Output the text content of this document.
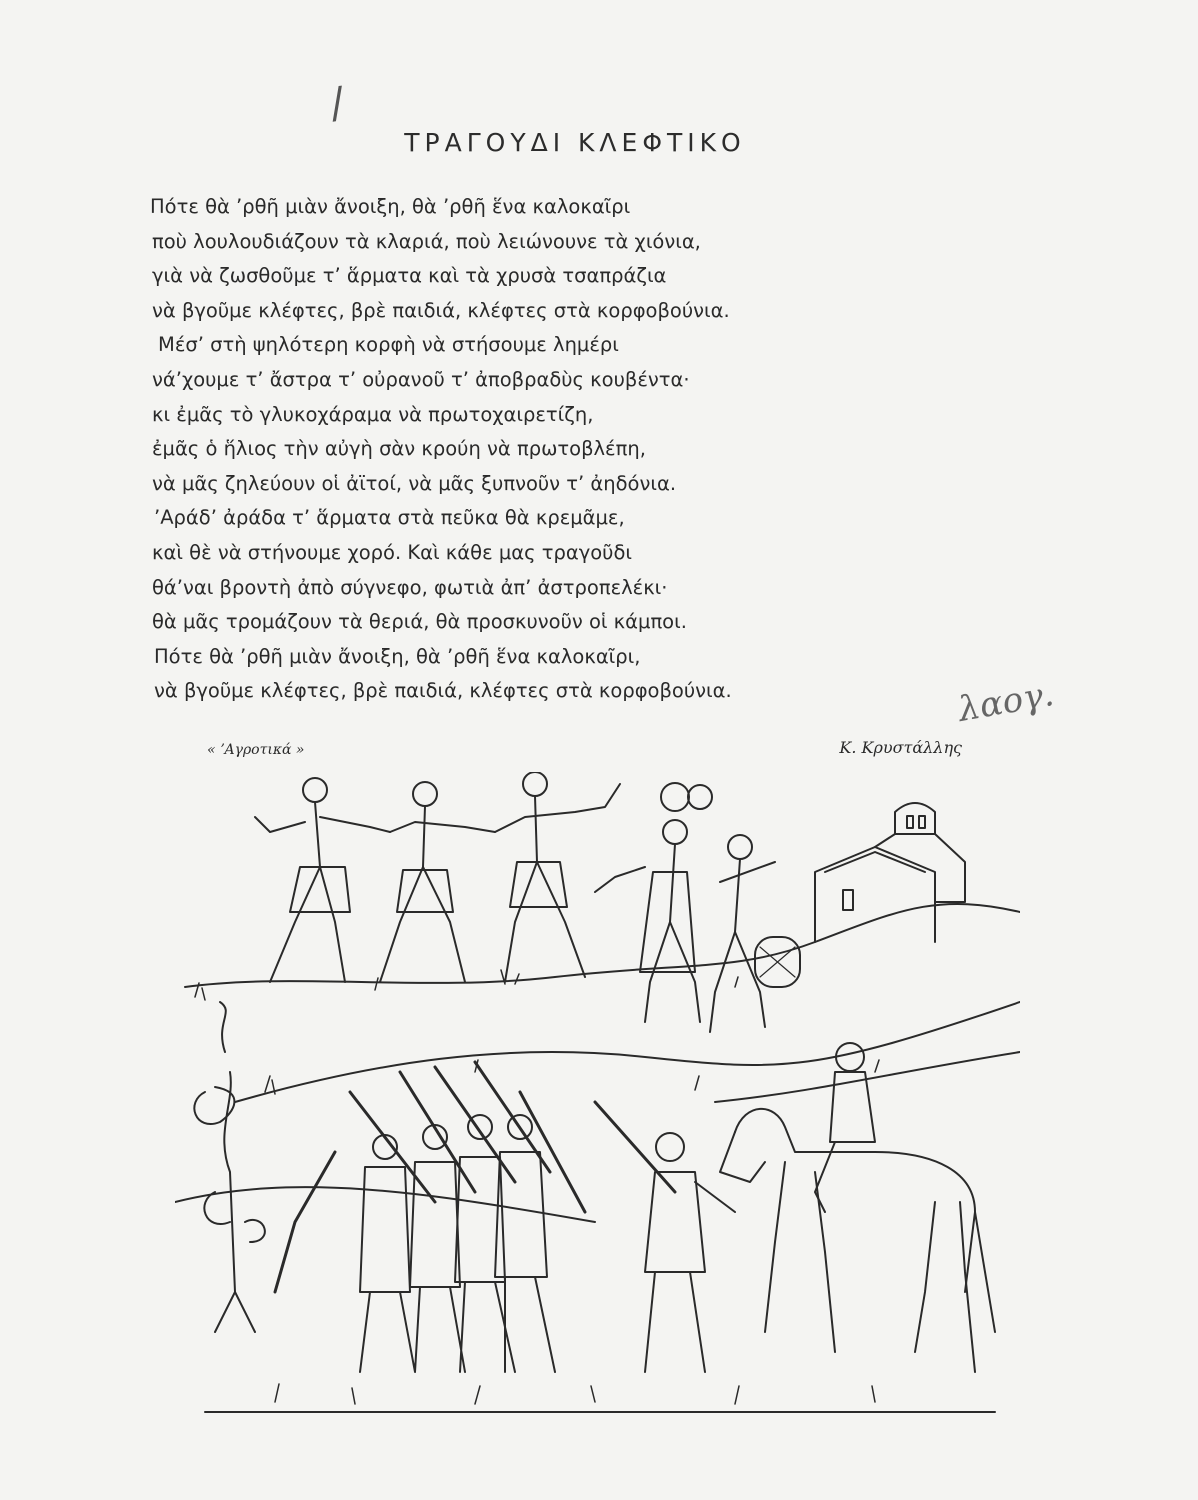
/
ΤΡΑΓΟΥΔΙ ΚΛΕΦΤΙΚΟ
Πότε θὰ ʼρθῆ μιὰν ἄνοιξη, θὰ ʼρθῆ ἕνα καλοκαῖρι
ποὺ λουλουδιάζουν τὰ κλαριά, ποὺ λειώνουνε τὰ χιόνια,
γιὰ νὰ ζωσθοῦμε τʼ ἅρματα καὶ τὰ χρυσὰ τσαπράζια
νὰ βγοῦμε κλέφτες, βρὲ παιδιά, κλέφτες στὰ κορφοβούνια.
Μέσʼ στὴ ψηλότερη κορφὴ νὰ στήσουμε λημέρι
νάʼχουμε τʼ ἄστρα τʼ οὐρανοῦ τʼ ἀποβραδὺς κουβέντα·
κι ἐμᾶς τὸ γλυκοχάραμα νὰ πρωτοχαιρετίζη,
ἐμᾶς ὁ ἥλιος τὴν αὐγὴ σὰν κρούη νὰ πρωτοβλέπη,
νὰ μᾶς ζηλεύουν οἱ ἀϊτοί, νὰ μᾶς ξυπνοῦν τʼ ἀηδόνια.
ʼΑράδʼ ἀράδα τʼ ἅρματα στὰ πεῦκα θὰ κρεμᾶμε,
καὶ θὲ νὰ στήνουμε χορό. Καὶ κάθε μας τραγοῦδι
θάʼναι βροντὴ ἀπὸ σύγνεφο, φωτιὰ ἀπʼ ἀστροπελέκι·
θὰ μᾶς τρομάζουν τὰ θεριά, θὰ προσκυνοῦν οἱ κάμποι.
Πότε θὰ ʼρθῆ μιὰν ἄνοιξη, θὰ ʼρθῆ ἕνα καλοκαῖρι,
νὰ βγοῦμε κλέφτες, βρὲ παιδιά, κλέφτες στὰ κορφοβούνια.
« ʼΑγροτικά »	Κ. Κρυστάλλης
λαογ.
